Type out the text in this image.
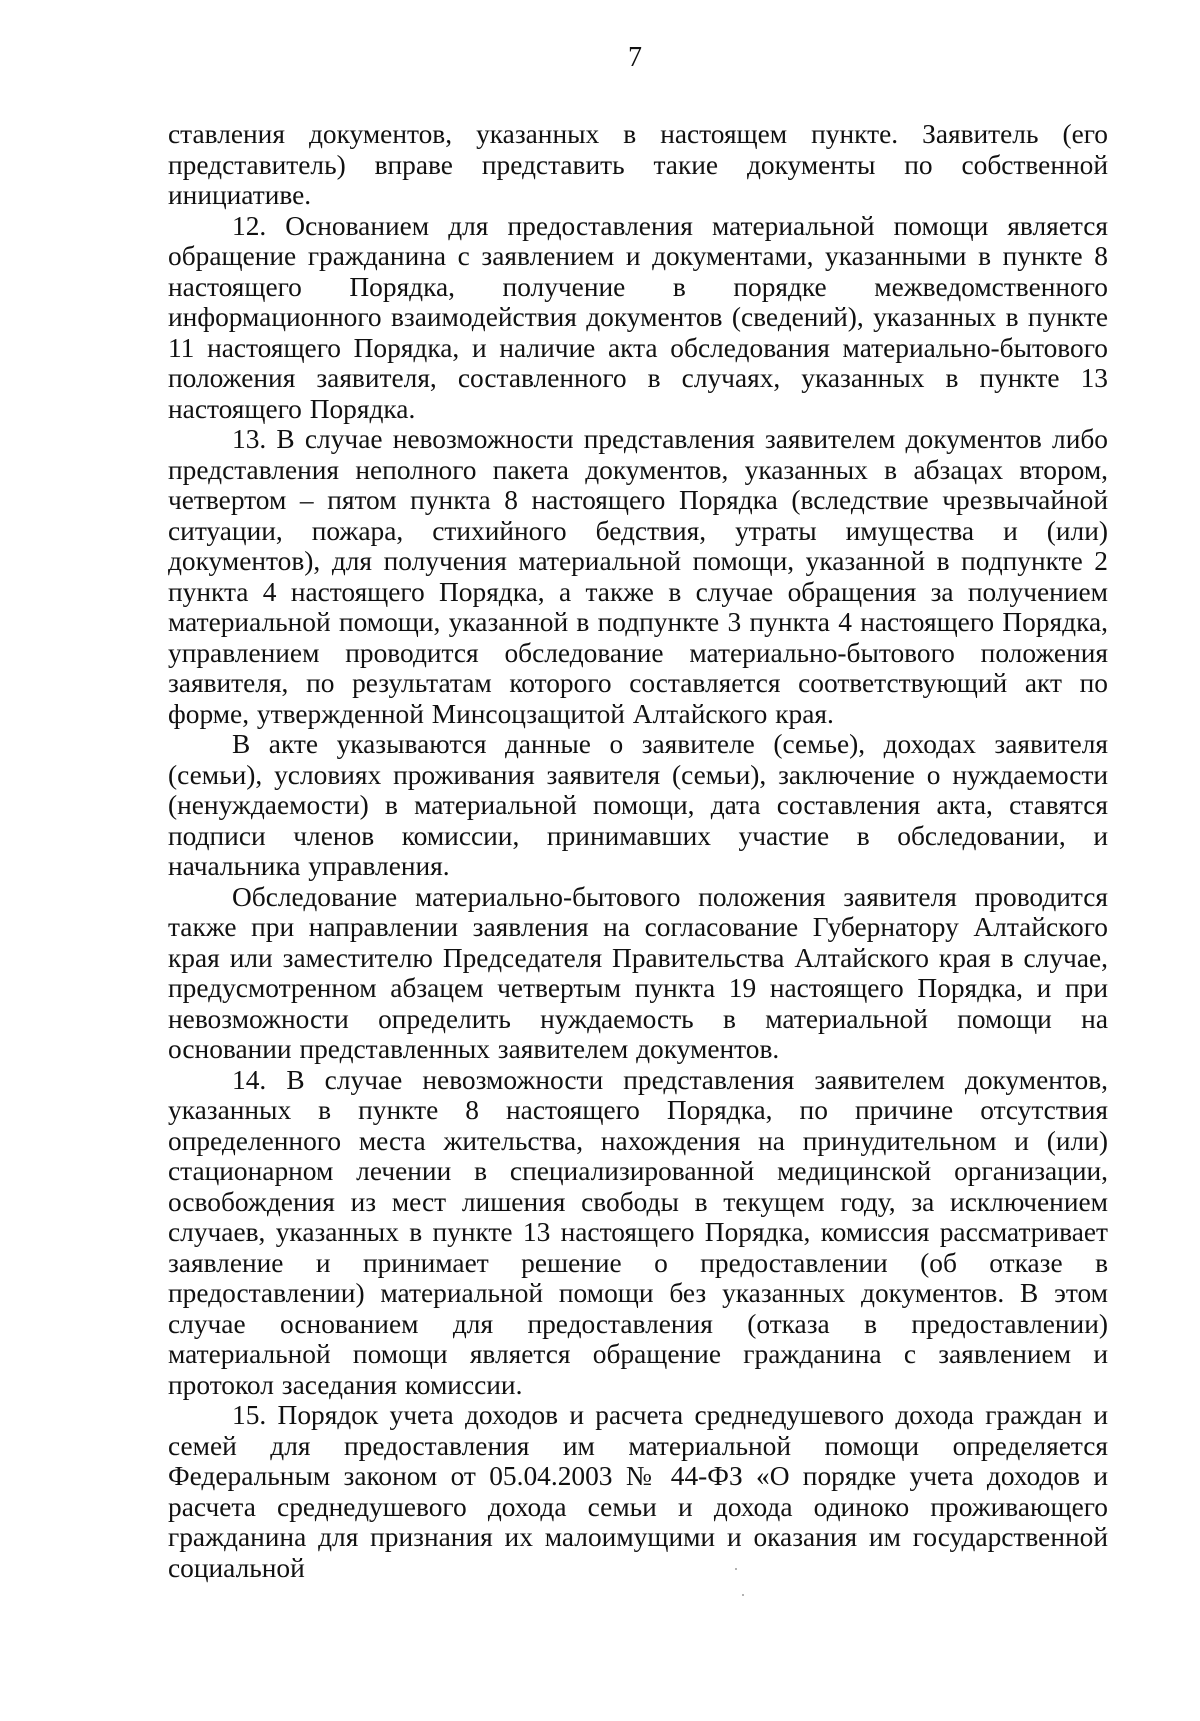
7

ставления документов, указанных в настоящем пункте. Заявитель (его представитель) вправе представить такие документы по собственной инициативе.

12. Основанием для предоставления материальной помощи является обращение гражданина с заявлением и документами, указанными в пункте 8 настоящего Порядка, получение в порядке межведомственного информационного взаимодействия документов (сведений), указанных в пункте 11 настоящего Порядка, и наличие акта обследования материально-бытового положения заявителя, составленного в случаях, указанных в пункте 13 настоящего Порядка.

13. В случае невозможности представления заявителем документов либо представления неполного пакета документов, указанных в абзацах втором, четвертом – пятом пункта 8 настоящего Порядка (вследствие чрезвычайной ситуации, пожара, стихийного бедствия, утраты имущества и (или) документов), для получения материальной помощи, указанной в подпункте 2 пункта 4 настоящего Порядка, а также в случае обращения за получением материальной помощи, указанной в подпункте 3 пункта 4 настоящего Порядка, управлением проводится обследование материально-бытового положения заявителя, по результатам которого составляется соответствующий акт по форме, утвержденной Минсоцзащитой Алтайского края.

В акте указываются данные о заявителе (семье), доходах заявителя (семьи), условиях проживания заявителя (семьи), заключение о нуждаемости (ненуждаемости) в материальной помощи, дата составления акта, ставятся подписи членов комиссии, принимавших участие в обследовании, и начальника управления.

Обследование материально-бытового положения заявителя проводится также при направлении заявления на согласование Губернатору Алтайского края или заместителю Председателя Правительства Алтайского края в случае, предусмотренном абзацем четвертым пункта 19 настоящего Порядка, и при невозможности определить нуждаемость в материальной помощи на основании представленных заявителем документов.

14. В случае невозможности представления заявителем документов, указанных в пункте 8 настоящего Порядка, по причине отсутствия определенного места жительства, нахождения на принудительном и (или) стационарном лечении в специализированной медицинской организации, освобождения из мест лишения свободы в текущем году, за исключением случаев, указанных в пункте 13 настоящего Порядка, комиссия рассматривает заявление и принимает решение о предоставлении (об отказе в предоставлении) материальной помощи без указанных документов. В этом случае основанием для предоставления (отказа в предоставлении) материальной помощи является обращение гражданина с заявлением и протокол заседания комиссии.

15. Порядок учета доходов и расчета среднедушевого дохода граждан и семей для предоставления им материальной помощи определяется Федеральным законом от 05.04.2003 № 44-ФЗ «О порядке учета доходов и расчета среднедушевого дохода семьи и дохода одиноко проживающего гражданина для признания их малоимущими и оказания им государственной социальной
